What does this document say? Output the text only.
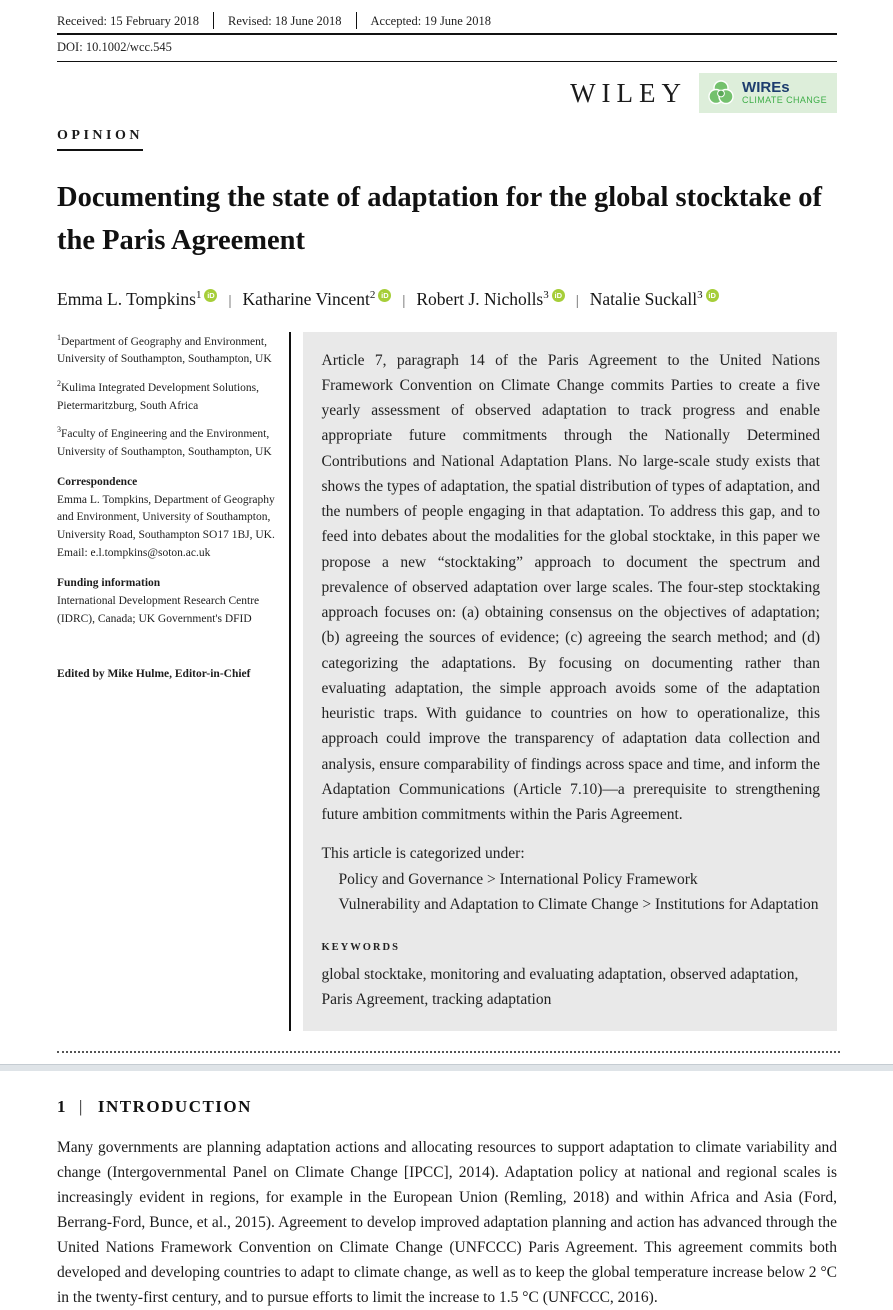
Received: 15 February 2018	Revised: 18 June 2018	Accepted: 19 June 2018
DOI: 10.1002/wcc.545
WILEY	WIREs
CLIMATE CHANGE
OPINION
Documenting the state of adaptation for the global stocktake of the Paris Agreement
Emma L. Tompkins$^1$ iD | Katharine Vincent$^2$ iD | Robert J. Nicholls$^3$ iD | Natalie Suckall$^3$ iD
$^1$Department of Geography and Environment, University of Southampton, Southampton, UK
$^2$Kulima Integrated Development Solutions, Pietermaritzburg, South Africa
$^3$Faculty of Engineering and the Environment, University of Southampton, Southampton, UK
Correspondence
Emma L. Tompkins, Department of Geography and Environment, University of Southampton, University Road, Southampton SO17 1BJ, UK.
Email: e.l.tompkins@soton.ac.uk
Funding information
International Development Research Centre (IDRC), Canada; UK Government's DFID
Edited by Mike Hulme, Editor-in-Chief
Article 7, paragraph 14 of the Paris Agreement to the United Nations Framework Convention on Climate Change commits Parties to create a five yearly assessment of observed adaptation to track progress and enable appropriate future commitments through the Nationally Determined Contributions and National Adaptation Plans. No large-scale study exists that shows the types of adaptation, the spatial distribution of types of adaptation, and the numbers of people engaging in that adaptation. To address this gap, and to feed into debates about the modalities for the global stocktake, in this paper we propose a new “stocktaking” approach to document the spectrum and prevalence of observed adaptation over large scales. The four-step stocktaking approach focuses on: (a) obtaining consensus on the objectives of adaptation; (b) agreeing the sources of evidence; (c) agreeing the search method; and (d) categorizing the adaptations. By focusing on documenting rather than evaluating adaptation, the simple approach avoids some of the adaptation heuristic traps. With guidance to countries on how to operationalize, this approach could improve the transparency of adaptation data collection and analysis, ensure comparability of findings across space and time, and inform the Adaptation Communications (Article 7.10)—a prerequisite to strengthening future ambition commitments within the Paris Agreement.
This article is categorized under:
Policy and Governance > International Policy Framework
Vulnerability and Adaptation to Climate Change > Institutions for Adaptation
KEYWORDS
global stocktake, monitoring and evaluating adaptation, observed adaptation, Paris Agreement, tracking adaptation
1 | INTRODUCTION

Many governments are planning adaptation actions and allocating resources to support adaptation to climate variability and change (Intergovernmental Panel on Climate Change [IPCC], 2014). Adaptation policy at national and regional scales is increasingly evident in regions, for example in the European Union (Remling, 2018) and within Africa and Asia (Ford, Berrang-Ford, Bunce, et al., 2015). Agreement to develop improved adaptation planning and action has advanced through the United Nations Framework Convention on Climate Change (UNFCCC) Paris Agreement. This agreement commits both developed and developing countries to adapt to climate change, as well as to keep the global temperature increase below 2 °C in the twenty-first century, and to pursue efforts to limit the increase to 1.5 °C (UNFCCC, 2016).
